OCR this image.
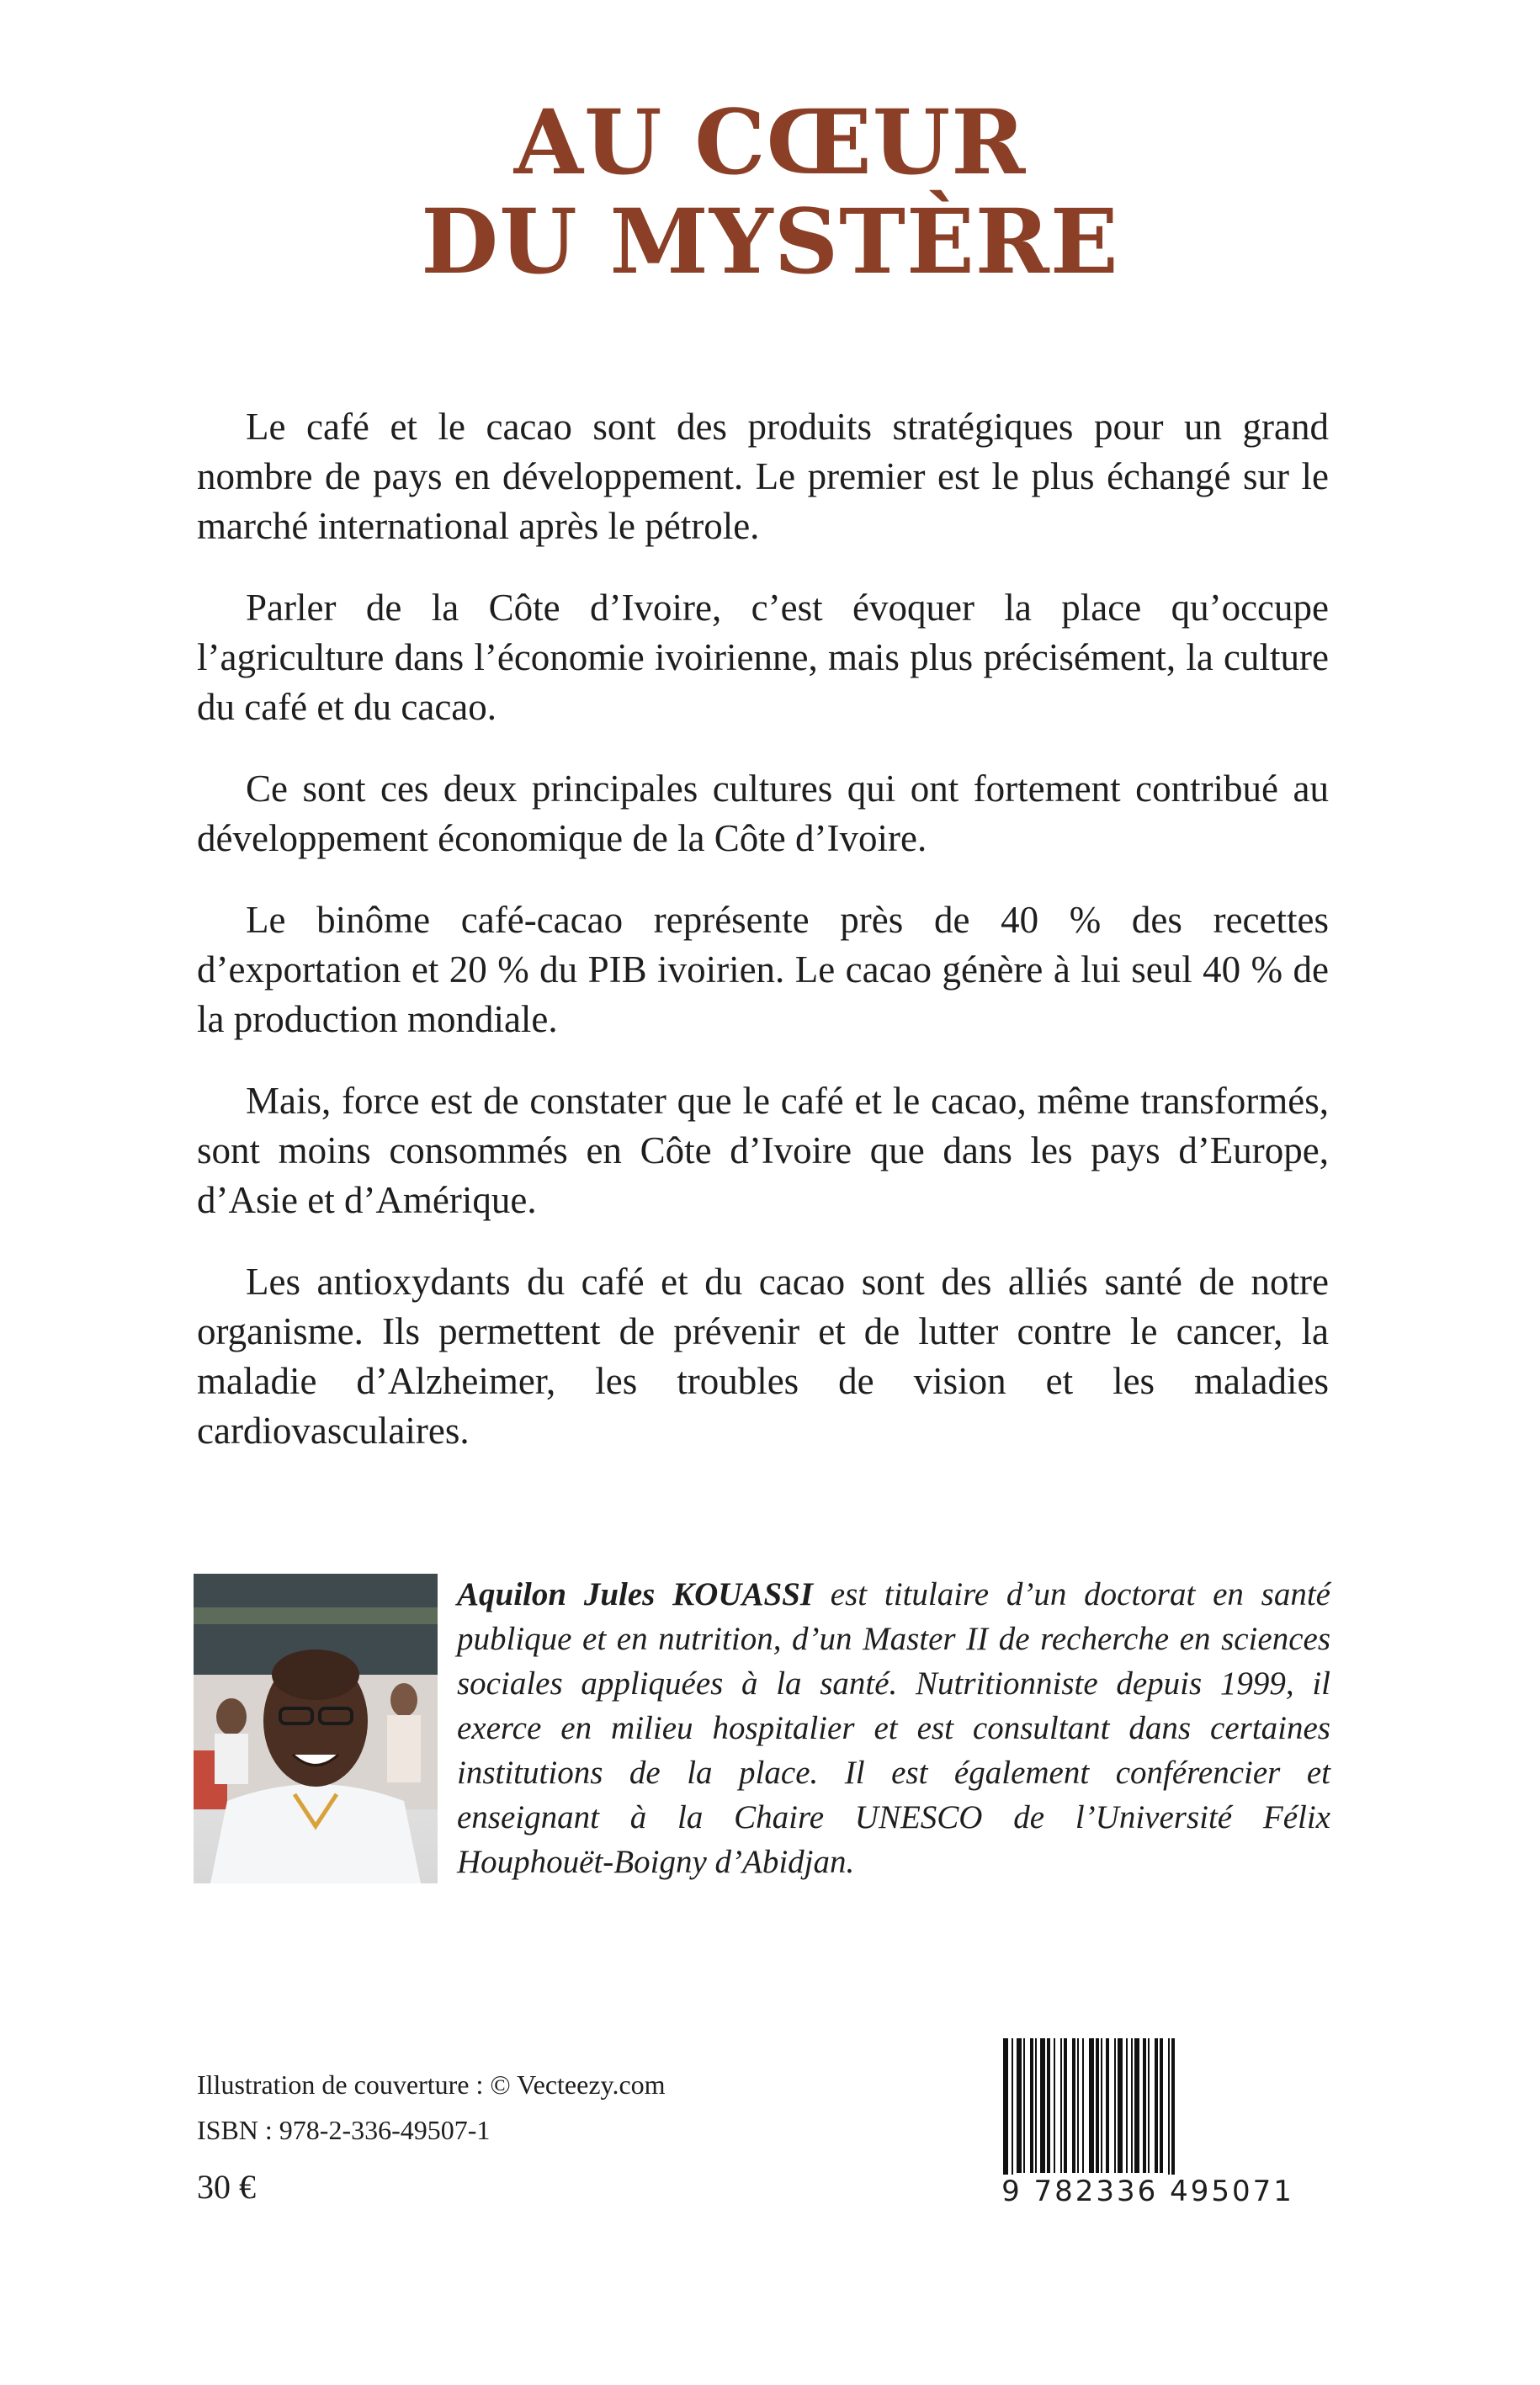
AU CŒUR
DU MYSTÈRE

Le café et le cacao sont des produits stratégiques pour un grand nombre de pays en développement. Le premier est le plus échangé sur le marché international après le pétrole.

Parler de la Côte d’Ivoire, c’est évoquer la place qu’occupe l’agriculture dans l’économie ivoirienne, mais plus précisément, la culture du café et du cacao.

Ce sont ces deux principales cultures qui ont fortement contribué au développement économique de la Côte d’Ivoire.

Le binôme café-cacao représente près de 40 % des recettes d’exportation et 20 % du PIB ivoirien. Le cacao génère à lui seul 40 % de la production mondiale.

Mais, force est de constater que le café et le cacao, même transformés, sont moins consommés en Côte d’Ivoire que dans les pays d’Europe, d’Asie et d’Amérique.

Les antioxydants du café et du cacao sont des alliés santé de notre organisme. Ils permettent de prévenir et de lutter contre le cancer, la maladie d’Alzheimer, les troubles de vision et les maladies cardiovasculaires.

Aquilon Jules KOUASSI est titulaire d’un doctorat en santé publique et en nutrition, d’un Master II de recherche en sciences sociales appliquées à la santé. Nutritionniste depuis 1999, il exerce en milieu hospitalier et est consultant dans certaines institutions de la place. Il est également conférencier et enseignant à la Chaire UNESCO de l’Université Félix Houphouët-Boigny d’Abidjan.

Illustration de couverture : © Vecteezy.com
ISBN : 978-2-336-49507-1
30 €	9 782336 495071
